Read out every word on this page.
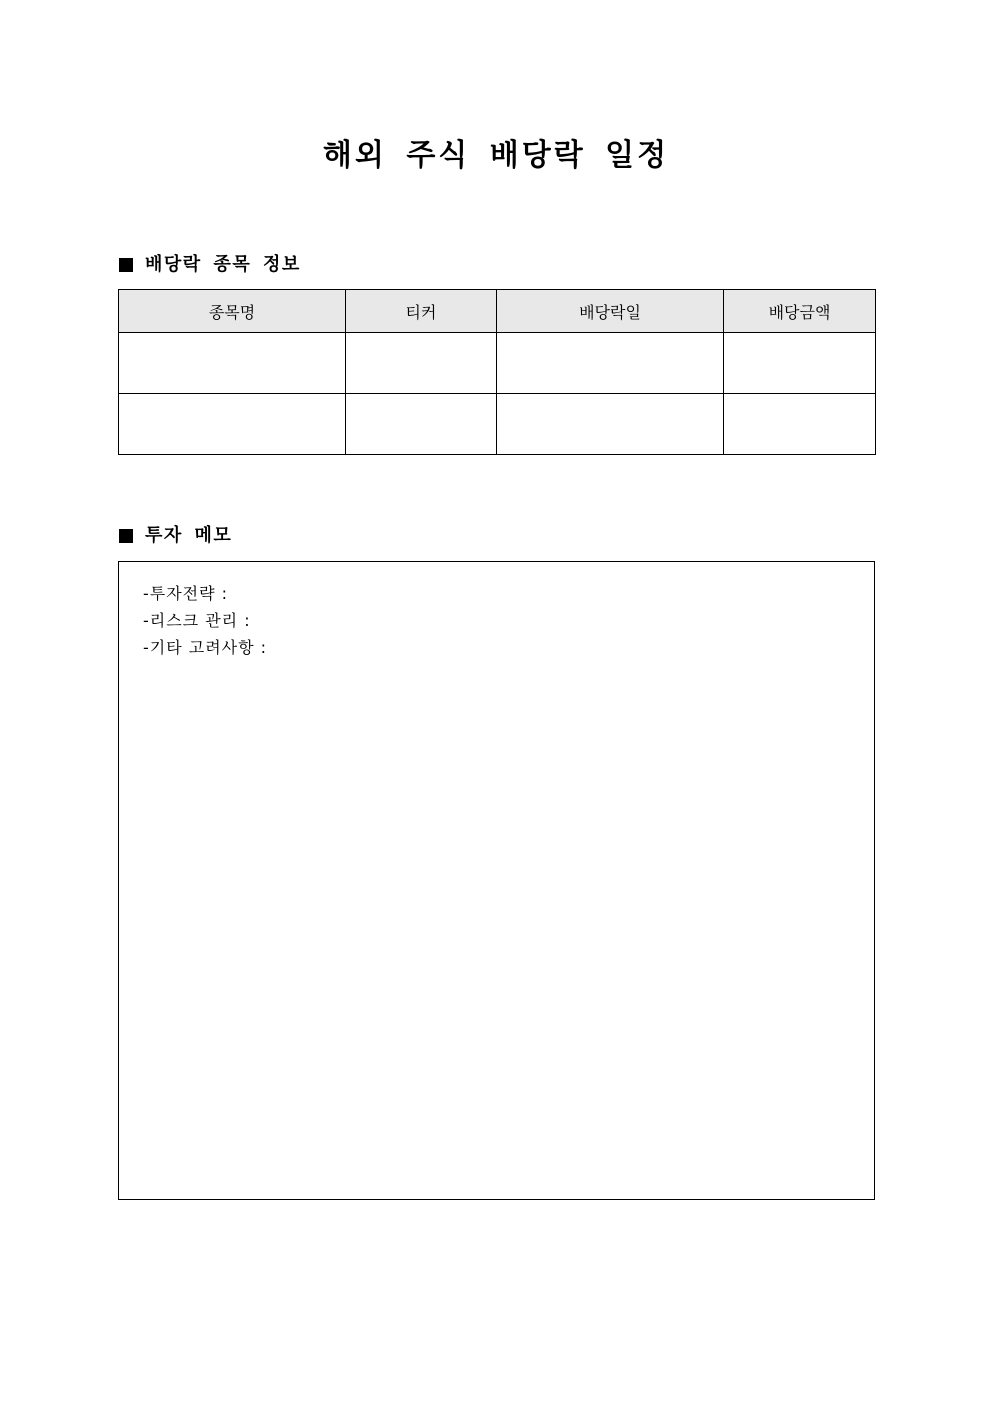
해외 주식 배당락 일정
배당락 종목 정보
종목명	티커	배당락일	배당금액

투자 메모
-투자전략 :
-리스크 관리 :
-기타 고려사항 :
